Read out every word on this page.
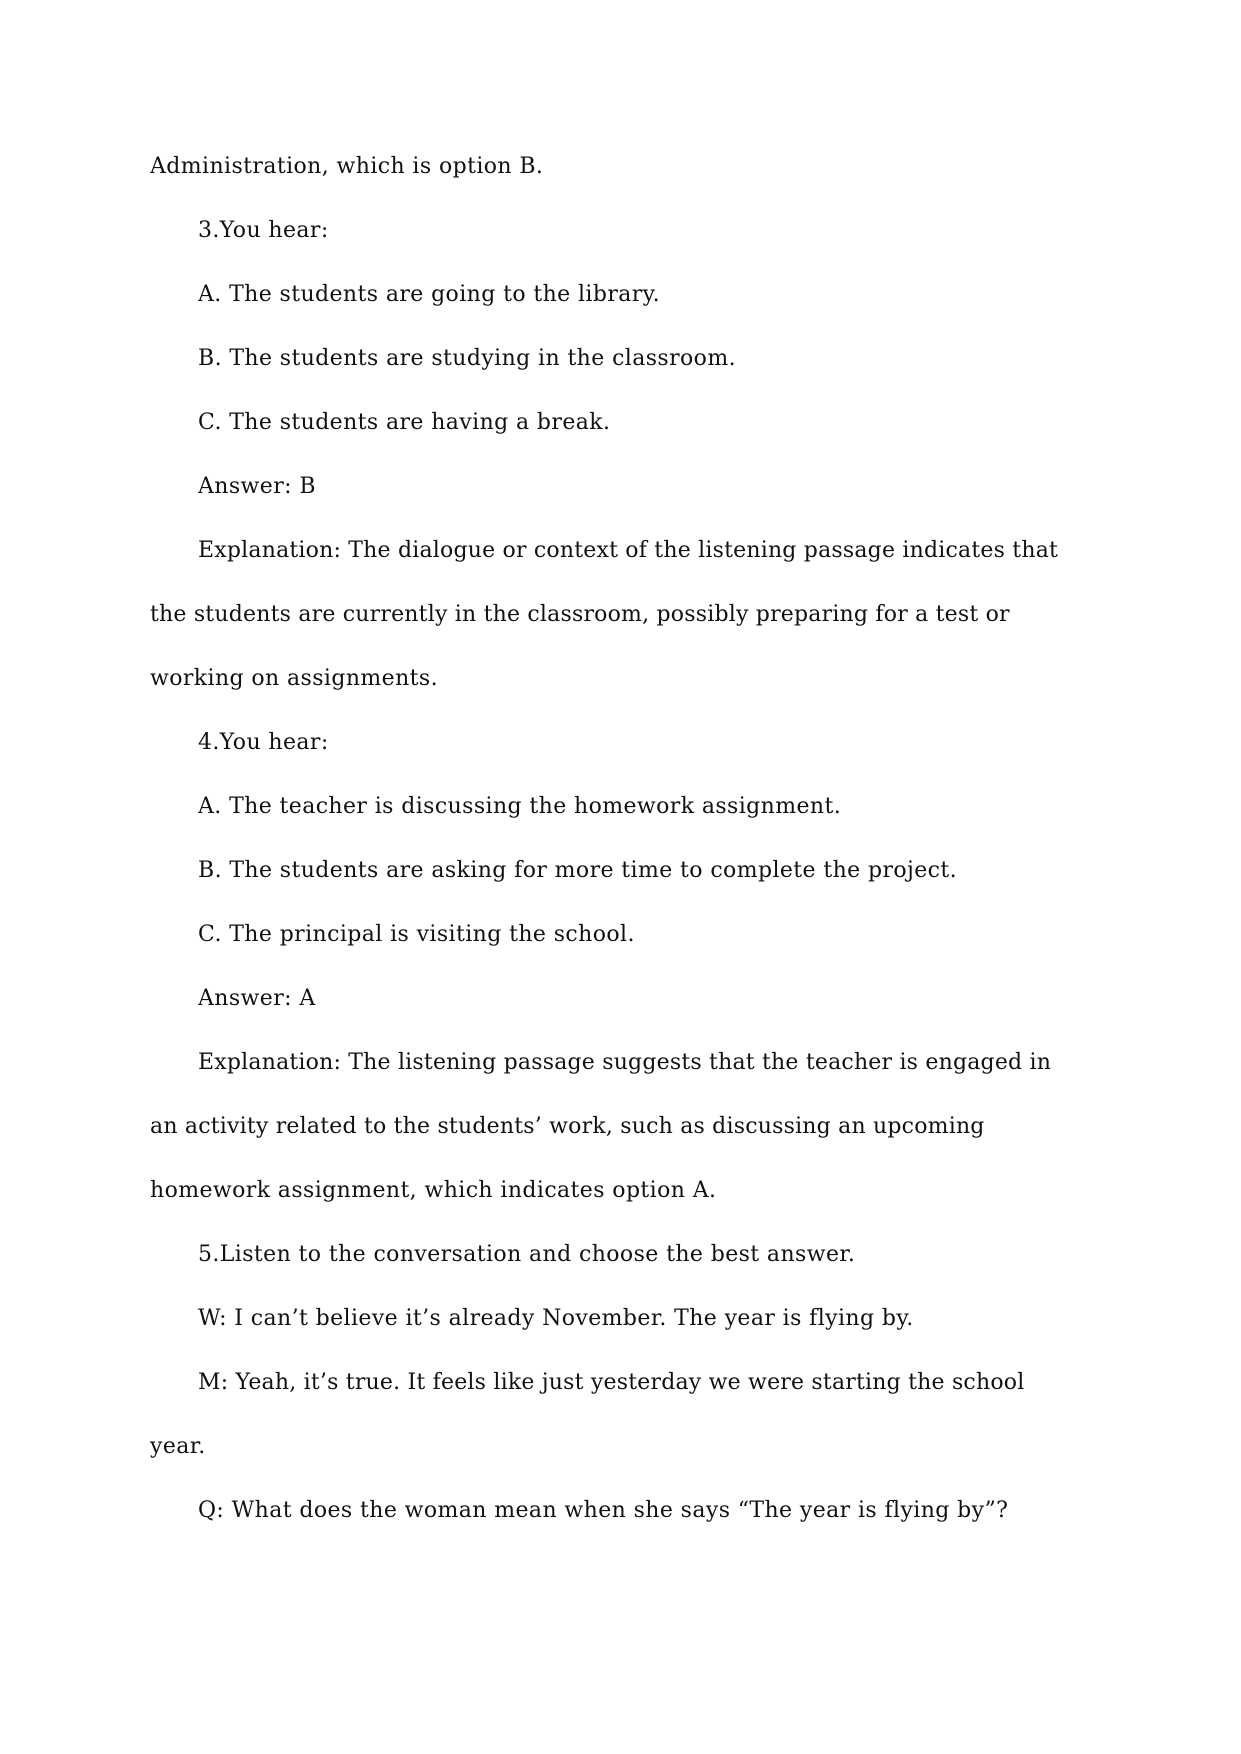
Administration, which is option B.
3.You hear:
A. The students are going to the library.
B. The students are studying in the classroom.
C. The students are having a break.
Answer: B
Explanation: The dialogue or context of the listening passage indicates that
the students are currently in the classroom, possibly preparing for a test or
working on assignments.
4.You hear:
A. The teacher is discussing the homework assignment.
B. The students are asking for more time to complete the project.
C. The principal is visiting the school.
Answer: A
Explanation: The listening passage suggests that the teacher is engaged in
an activity related to the students’ work, such as discussing an upcoming
homework assignment, which indicates option A.
5.Listen to the conversation and choose the best answer.
W: I can’t believe it’s already November. The year is flying by.
M: Yeah, it’s true. It feels like just yesterday we were starting the school
year.
Q: What does the woman mean when she says “The year is flying by”?
